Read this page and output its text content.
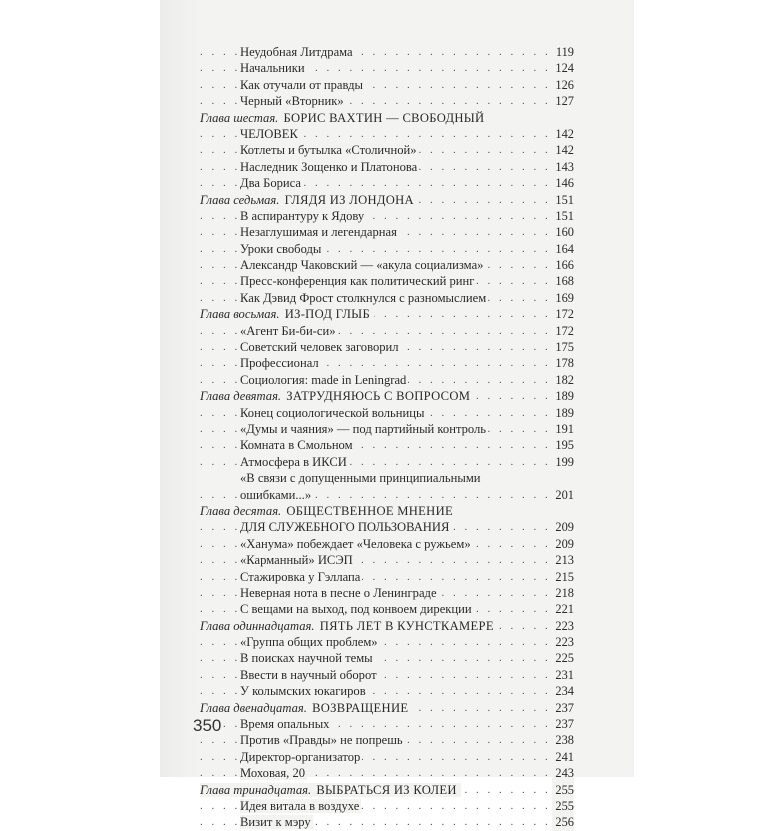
Неудобная Литдрама . . .	119
Начальники . . .	124
Как отучали от правды . . .	126
Черный «Вторник» . . .	127
Глава шестая. БОРИС ВАХТИН — СВОБОДНЫЙ
ЧЕЛОВЕК . . .	142
Котлеты и бутылка «Столичной» . . .	142
Наследник Зощенко и Платонова . . .	143
Два Бориса . . .	146
Глава седьмая. ГЛЯДЯ ИЗ ЛОНДОНА . . .	151
В аспирантуру к Ядову . . .	151
Незаглушимая и легендарная . . .	160
Уроки свободы . . .	164
Александр Чаковский — «акула социализма» . . .	166
Пресс-конференция как политический ринг . . .	168
Как Дэвид Фрост столкнулся с разномыслием . . .	169
Глава восьмая. ИЗ-ПОД ГЛЫБ . . .	172
«Агент Би-би-си» . . .	172
Советский человек заговорил . . .	175
Профессионал . . .	178
Социология: made in Leningrad . . .	182
Глава девятая. ЗАТРУДНЯЮСЬ С ВОПРОСОМ . . .	189
Конец социологической вольницы . . .	189
«Думы и чаяния» — под партийный контроль . . .	191
Комната в Смольном . . .	195
Атмосфера в ИКСИ . . .	199
«В связи с допущенными принципиальными
ошибками...» . . .	201
Глава десятая. ОБЩЕСТВЕННОЕ МНЕНИЕ
ДЛЯ СЛУЖЕБНОГО ПОЛЬЗОВАНИЯ . . .	209
«Ханума» побеждает «Человека с ружьем» . . .	209
«Карманный» ИСЭП . . .	213
Стажировка у Гэллапа . . .	215
Неверная нота в песне о Ленинграде . . .	218
С вещами на выход, под конвоем дирекции . . .	221
Глава одиннадцатая. ПЯТЬ ЛЕТ В КУНСТКАМЕРЕ . . .	223
«Группа общих проблем» . . .	223
В поисках научной темы . . .	225
Ввести в научный оборот . . .	231
У колымских юкагиров . . .	234
Глава двенадцатая. ВОЗВРАЩЕНИЕ . . .	237
Время опальных . . .	237
Против «Правды» не попрешь . . .	238
Директор-организатор . . .	241
Моховая, 20 . . .	243
Глава тринадцатая. ВЫБРАТЬСЯ ИЗ КОЛЕИ . . .	255
Идея витала в воздухе . . .	255
Визит к мэру . . .	256
350
